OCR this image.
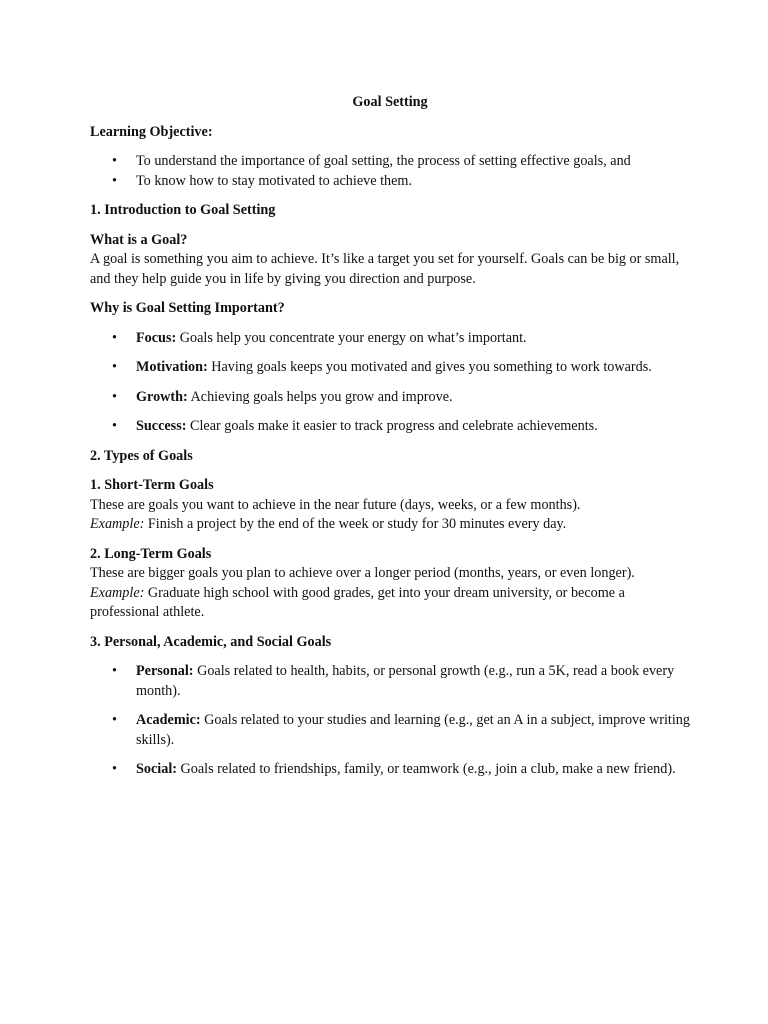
Goal Setting

Learning Objective:

• To understand the importance of goal setting, the process of setting effective goals, and
• To know how to stay motivated to achieve them.

1. Introduction to Goal Setting

What is a Goal?

A goal is something you aim to achieve. It’s like a target you set for yourself. Goals can be big or small, and they help guide you in life by giving you direction and purpose.

Why is Goal Setting Important?

• Focus: Goals help you concentrate your energy on what’s important.
• Motivation: Having goals keeps you motivated and gives you something to work towards.
• Growth: Achieving goals helps you grow and improve.
• Success: Clear goals make it easier to track progress and celebrate achievements.

2. Types of Goals

1. Short-Term Goals

These are goals you want to achieve in the near future (days, weeks, or a few months).

Example: Finish a project by the end of the week or study for 30 minutes every day.

2. Long-Term Goals

These are bigger goals you plan to achieve over a longer period (months, years, or even longer).

Example: Graduate high school with good grades, get into your dream university, or become a professional athlete.

3. Personal, Academic, and Social Goals

• Personal: Goals related to health, habits, or personal growth (e.g., run a 5K, read a book every month).
• Academic: Goals related to your studies and learning (e.g., get an A in a subject, improve writing skills).
• Social: Goals related to friendships, family, or teamwork (e.g., join a club, make a new friend).
